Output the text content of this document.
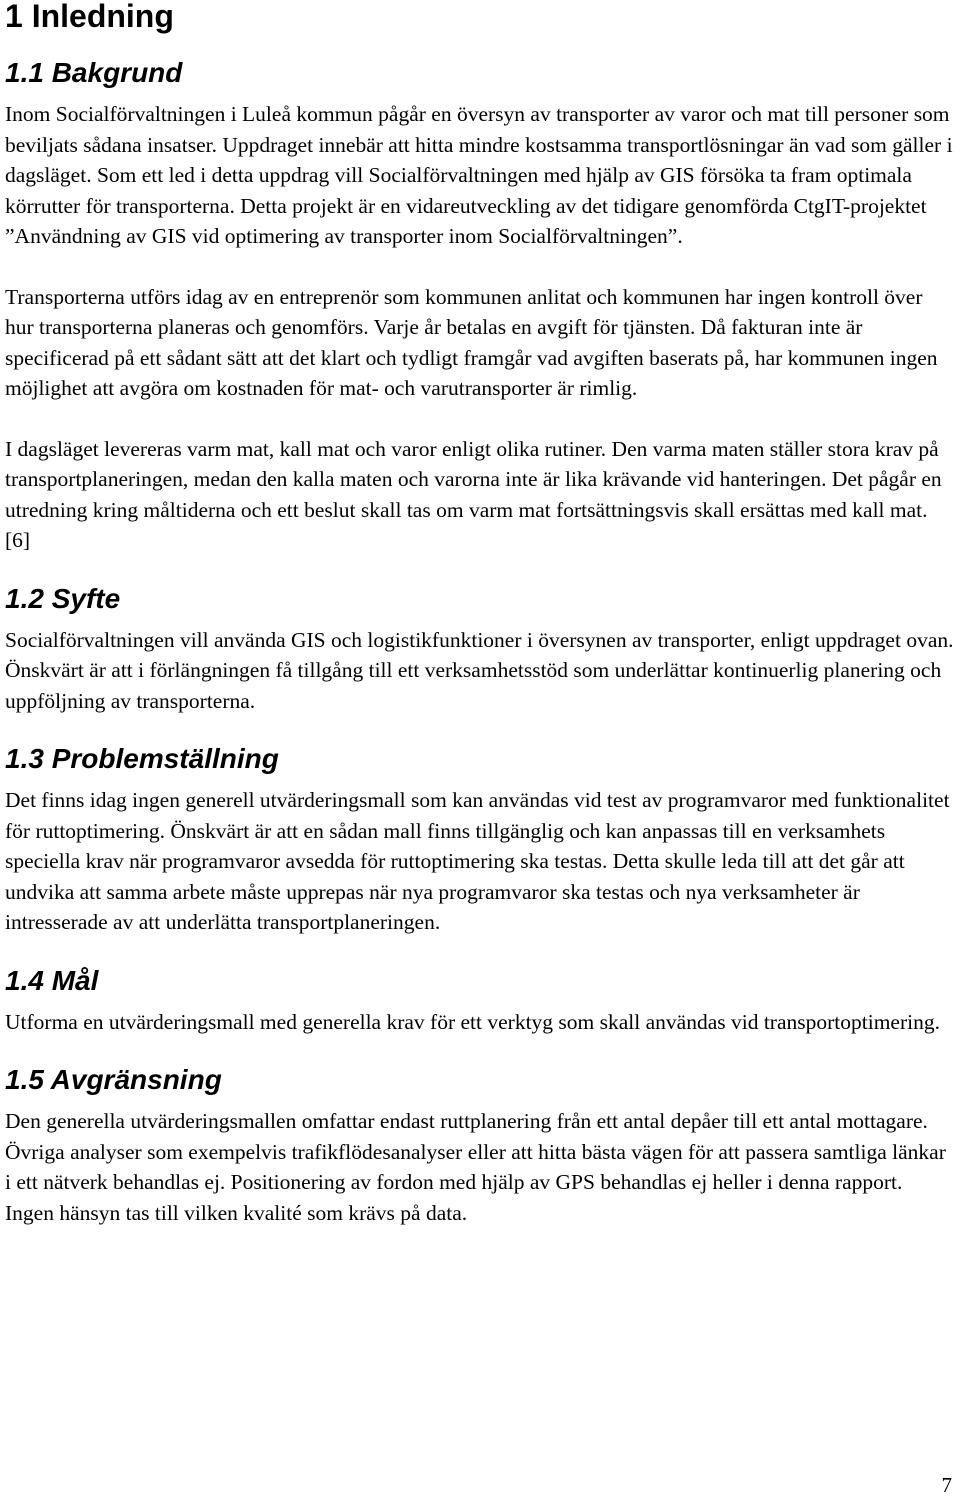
1 Inledning
1.1 Bakgrund

Inom Socialförvaltningen i Luleå kommun pågår en översyn av transporter av varor och mat till personer som beviljats sådana insatser. Uppdraget innebär att hitta mindre kostsamma transportlösningar än vad som gäller i dagsläget. Som ett led i detta uppdrag vill Socialförvaltningen med hjälp av GIS försöka ta fram optimala körrutter för transporterna. Detta projekt är en vidareutveckling av det tidigare genomförda CtgIT-projektet ”Användning av GIS vid optimering av transporter inom Socialförvaltningen”.

Transporterna utförs idag av en entreprenör som kommunen anlitat och kommunen har ingen kontroll över hur transporterna planeras och genomförs. Varje år betalas en avgift för tjänsten. Då fakturan inte är specificerad på ett sådant sätt att det klart och tydligt framgår vad avgiften baserats på, har kommunen ingen möjlighet att avgöra om kostnaden för mat- och varutransporter är rimlig.

I dagsläget levereras varm mat, kall mat och varor enligt olika rutiner. Den varma maten ställer stora krav på transportplaneringen, medan den kalla maten och varorna inte är lika krävande vid hanteringen. Det pågår en utredning kring måltiderna och ett beslut skall tas om varm mat fortsättningsvis skall ersättas med kall mat. [6]

1.2 Syfte

Socialförvaltningen vill använda GIS och logistikfunktioner i översynen av transporter, enligt uppdraget ovan. Önskvärt är att i förlängningen få tillgång till ett verksamhetsstöd som underlättar kontinuerlig planering och uppföljning av transporterna.

1.3 Problemställning

Det finns idag ingen generell utvärderingsmall som kan användas vid test av programvaror med funktionalitet för ruttoptimering. Önskvärt är att en sådan mall finns tillgänglig och kan anpassas till en verksamhets speciella krav när programvaror avsedda för ruttoptimering ska testas. Detta skulle leda till att det går att undvika att samma arbete måste upprepas när nya programvaror ska testas och nya verksamheter är intresserade av att underlätta transportplaneringen.

1.4 Mål

Utforma en utvärderingsmall med generella krav för ett verktyg som skall användas vid transportoptimering.

1.5 Avgränsning

Den generella utvärderingsmallen omfattar endast ruttplanering från ett antal depåer till ett antal mottagare. Övriga analyser som exempelvis trafikflödesanalyser eller att hitta bästa vägen för att passera samtliga länkar i ett nätverk behandlas ej. Positionering av fordon med hjälp av GPS behandlas ej heller i denna rapport. Ingen hänsyn tas till vilken kvalité som krävs på data.

7
